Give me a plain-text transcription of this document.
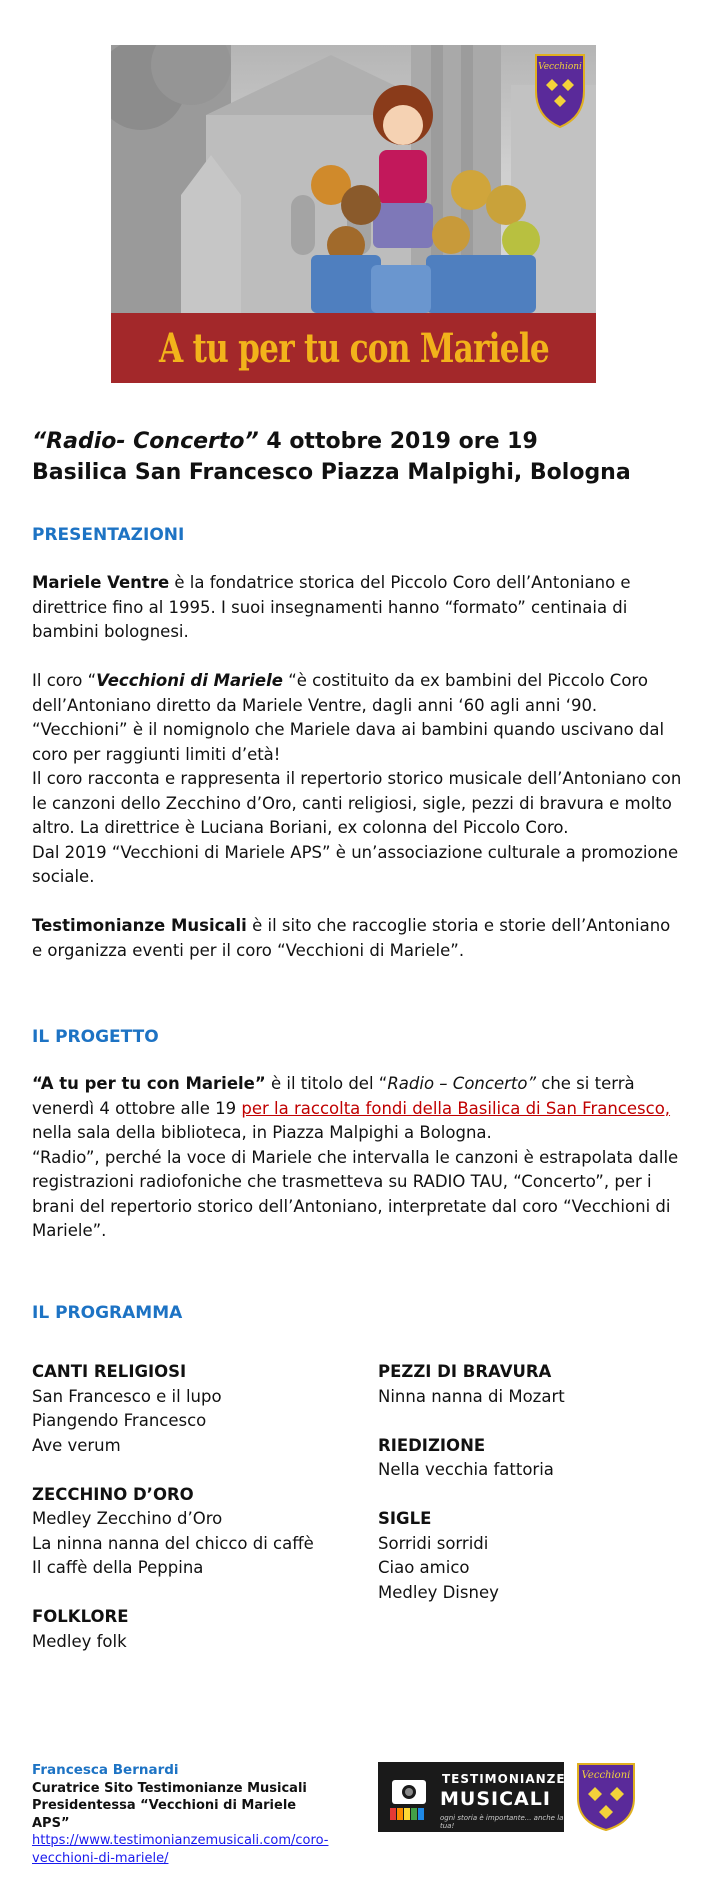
Vecchioni
A tu per tu con Mariele
“Radio- Concerto” 4 ottobre 2019 ore 19
Basilica San Francesco Piazza Malpighi, Bologna
PRESENTAZIONI

Mariele Ventre è la fondatrice storica del Piccolo Coro dell’Antoniano e direttrice fino al 1995. I suoi insegnamenti hanno “formato” centinaia di bambini bolognesi.

Il coro “Vecchioni di Mariele “è costituito da ex bambini del Piccolo Coro dell’Antoniano diretto da Mariele Ventre, dagli anni ‘60 agli anni ‘90.

“Vecchioni” è il nomignolo che Mariele dava ai bambini quando uscivano dal coro per raggiunti limiti d’età!

Il coro racconta e rappresenta il repertorio storico musicale dell’Antoniano con le canzoni dello Zecchino d’Oro, canti religiosi, sigle, pezzi di bravura e molto altro. La direttrice è Luciana Boriani, ex colonna del Piccolo Coro.

Dal 2019 “Vecchioni di Mariele APS” è un’associazione culturale a promozione sociale.

Testimonianze Musicali è il sito che raccoglie storia e storie dell’Antoniano e organizza eventi per il coro “Vecchioni di Mariele”.

IL PROGETTO

“A tu per tu con Mariele” è il titolo del “Radio – Concerto” che si terrà venerdì 4 ottobre alle 19 per la raccolta fondi della Basilica di San Francesco, nella sala della biblioteca, in Piazza Malpighi a Bologna.

“Radio”, perché la voce di Mariele che intervalla le canzoni è estrapolata dalle registrazioni radiofoniche che trasmetteva su RADIO TAU, “Concerto”, per i brani del repertorio storico dell’Antoniano, interpretate dal coro “Vecchioni di Mariele”.

IL PROGRAMMA
CANTI RELIGIOSI
San Francesco e il lupo
Piangendo Francesco
Ave verum
ZECCHINO D’ORO
Medley Zecchino d’Oro
La ninna nanna del chicco di caffè
Il caffè della Peppina
FOLKLORE
Medley folk
PEZZI DI BRAVURA
Ninna nanna di Mozart
RIEDIZIONE
Nella vecchia fattoria
SIGLE
Sorridi sorridi
Ciao amico
Medley Disney
Francesca Bernardi
Curatrice Sito Testimonianze Musicali
Presidentessa “Vecchioni di Mariele APS”
https://www.testimonianzemusicali.com/coro-
vecchioni-di-mariele/
TESTIMONIANZE
MUSICALI
ogni storia è importante... anche la tua!
Vecchioni
